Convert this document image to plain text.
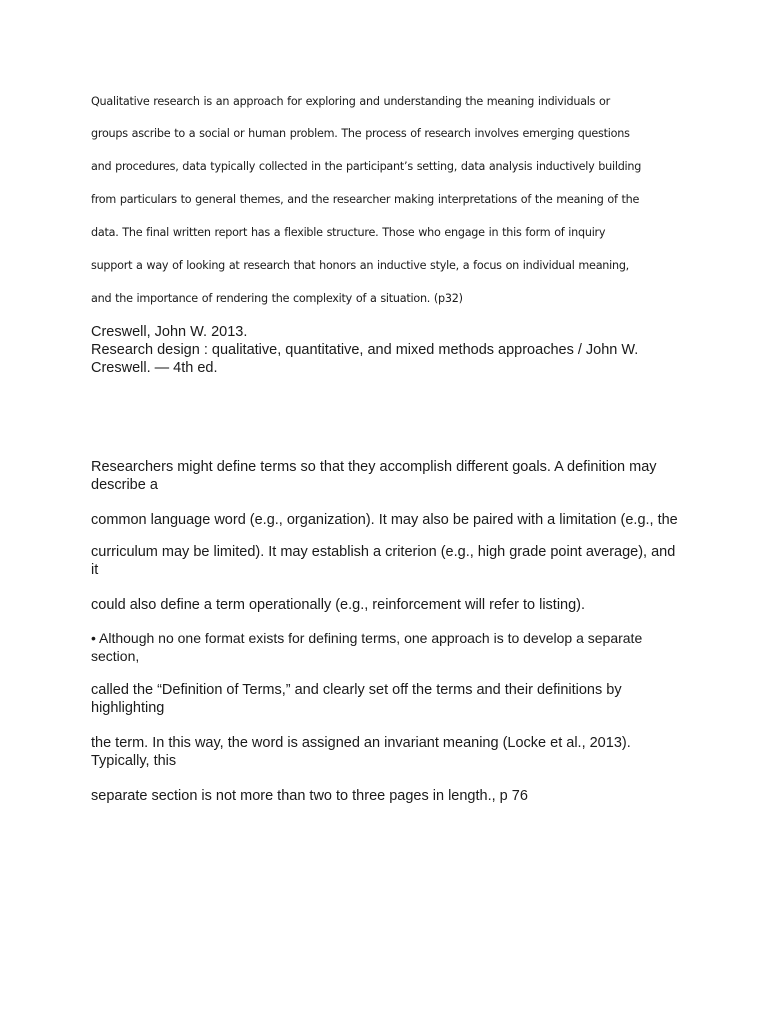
Qualitative research is an approach for exploring and understanding the meaning individuals or
groups ascribe to a social or human problem. The process of research involves emerging questions
and procedures, data typically collected in the participant’s setting, data analysis inductively building
from particulars to general themes, and the researcher making interpretations of the meaning of the
data. The final written report has a flexible structure. Those who engage in this form of inquiry
support a way of looking at research that honors an inductive style, a focus on individual meaning,
and the importance of rendering the complexity of a situation. (p32)
Creswell, John W. 2013.
Research design : qualitative, quantitative, and mixed methods approaches / John W.
Creswell. — 4th ed.
Researchers might define terms so that they accomplish different goals. A definition may describe a
common language word (e.g., organization). It may also be paired with a limitation (e.g., the
curriculum may be limited). It may establish a criterion (e.g., high grade point average), and it
could also define a term operationally (e.g., reinforcement will refer to listing).
• Although no one format exists for defining terms, one approach is to develop a separate section,
called the “Definition of Terms,” and clearly set off the terms and their definitions by highlighting
the term. In this way, the word is assigned an invariant meaning (Locke et al., 2013). Typically, this
separate section is not more than two to three pages in length., p 76
